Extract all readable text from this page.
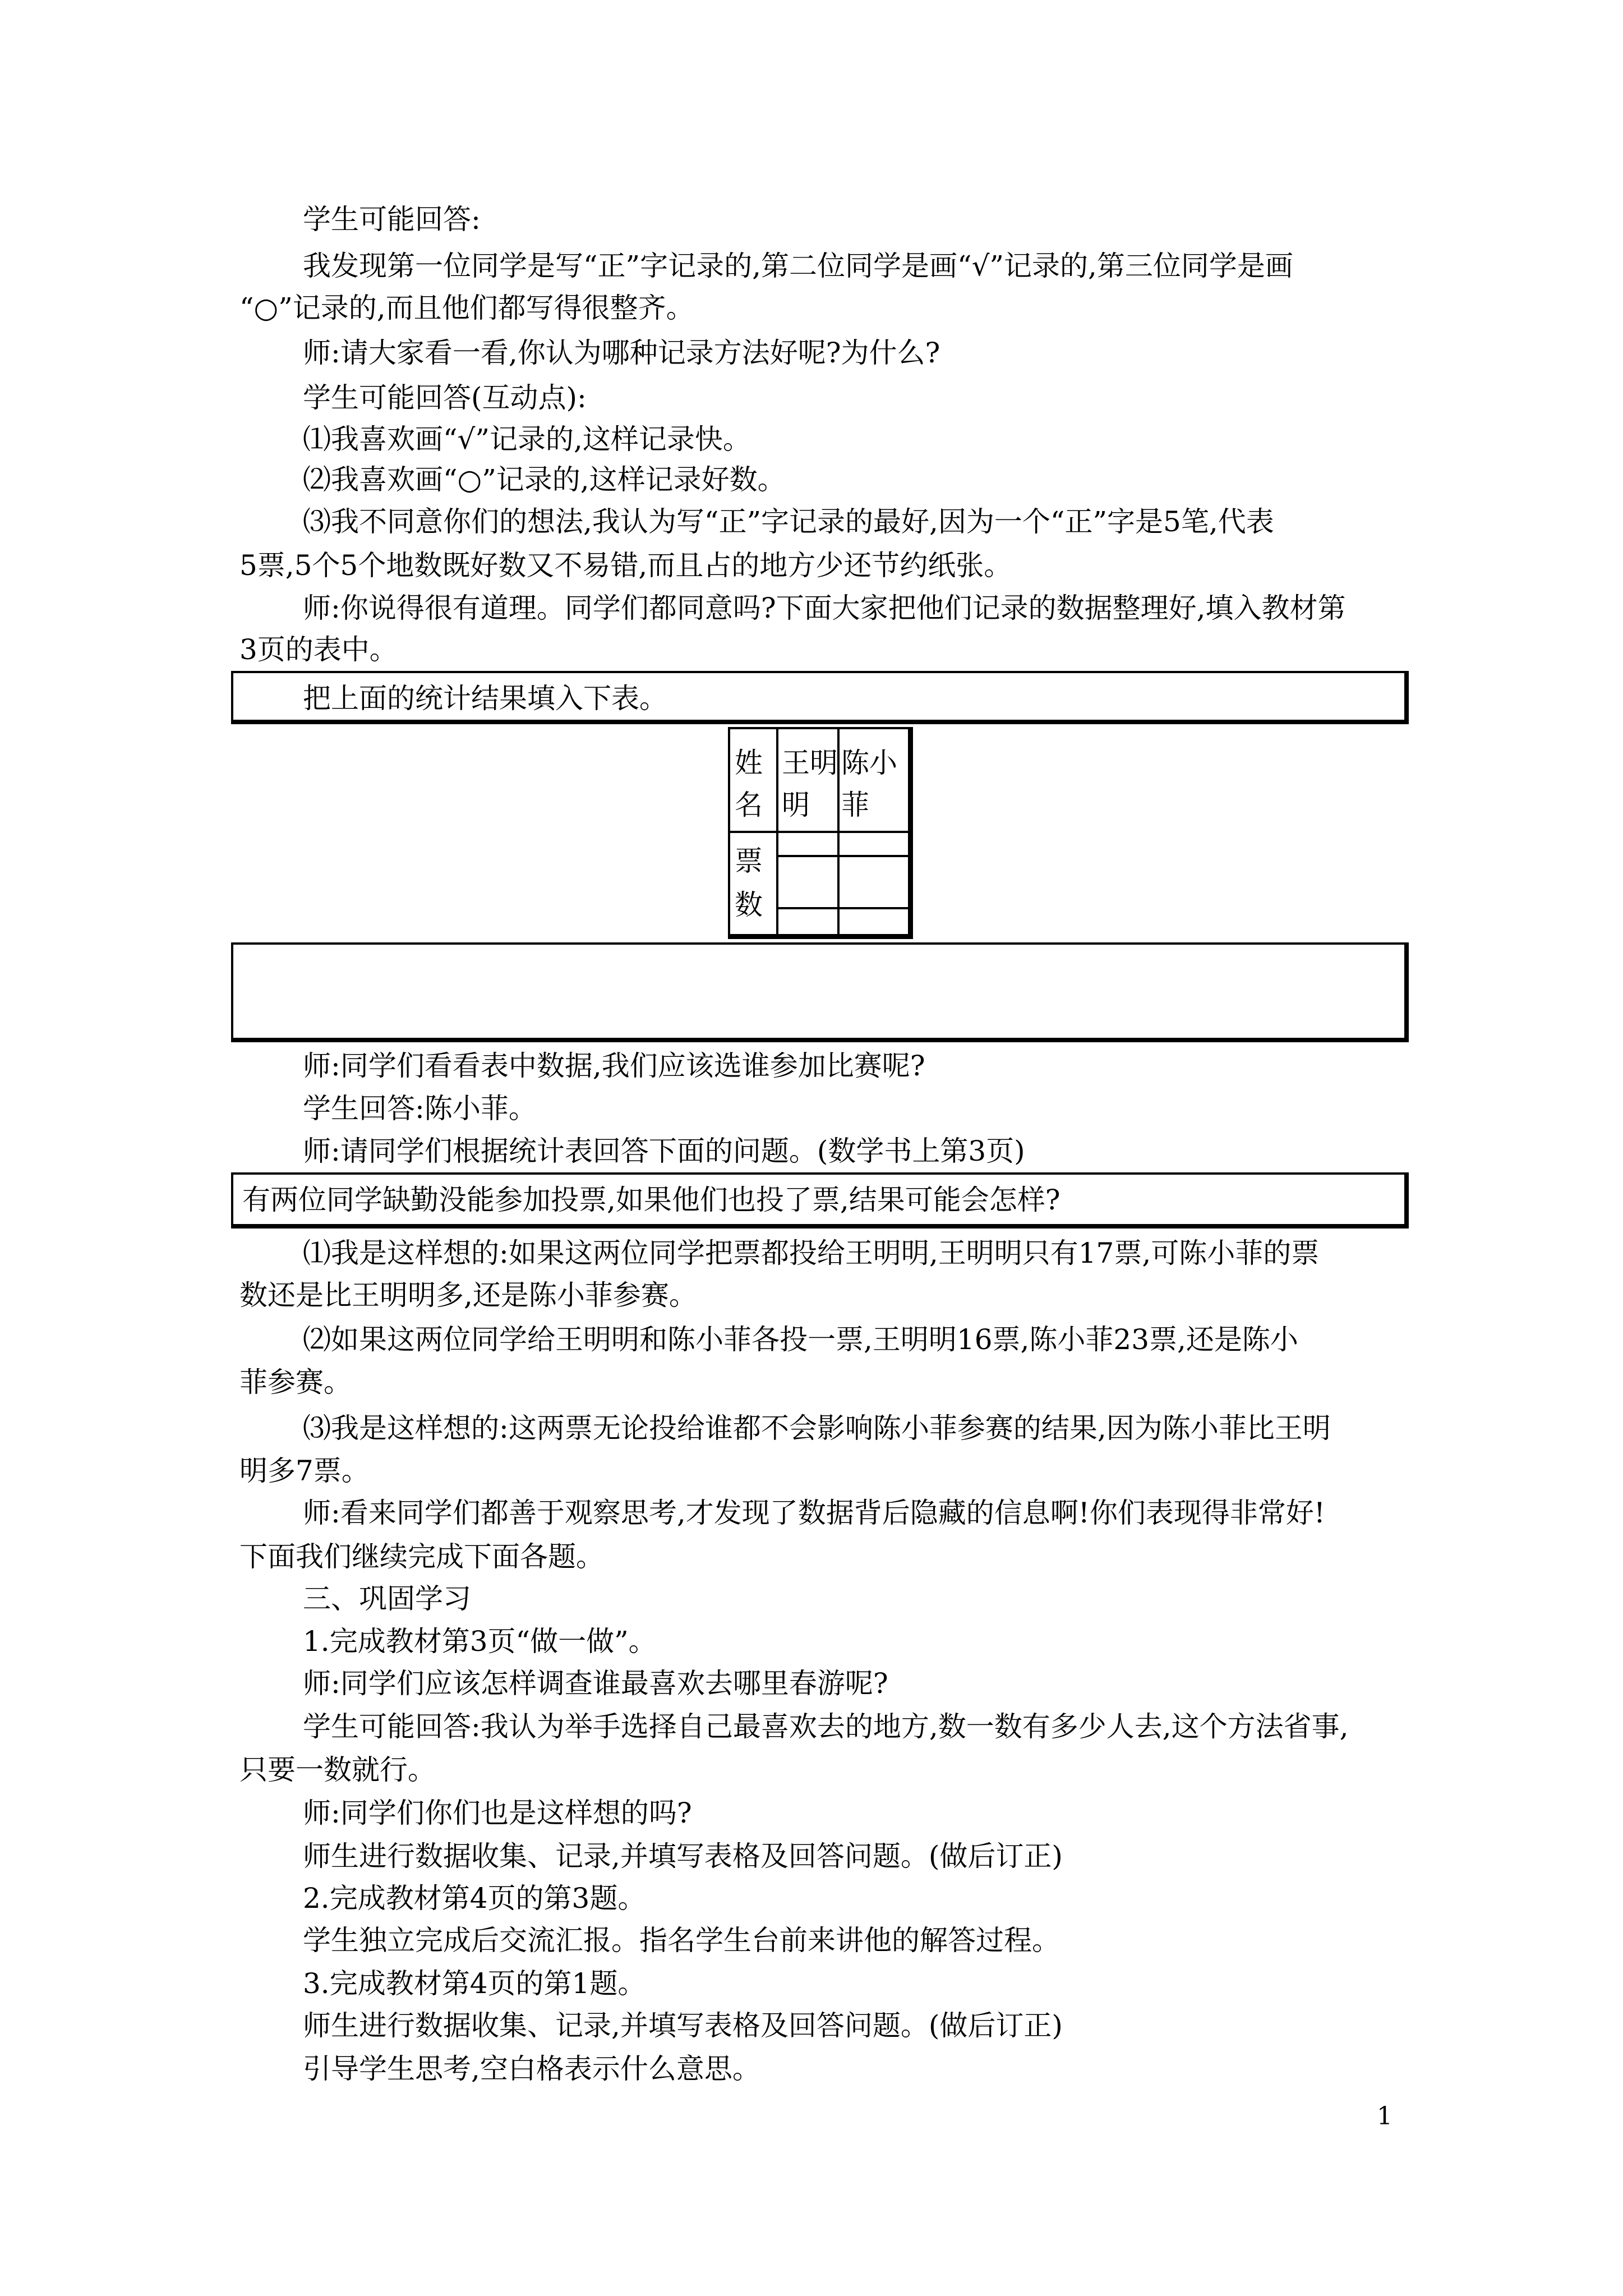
学生可能回答:
我发现第一位同学是写“正”字记录的,第二位同学是画“√”记录的,第三位同学是画
“○”记录的,而且他们都写得很整齐。
师:请大家看一看,你认为哪种记录方法好呢?为什么?
学生可能回答(互动点):
⑴我喜欢画“√”记录的,这样记录快。
⑵我喜欢画“○”记录的,这样记录好数。
⑶我不同意你们的想法,我认为写“正”字记录的最好,因为一个“正”字是5笔,代表
5票,5个5个地数既好数又不易错,而且占的地方少还节约纸张。
师:你说得很有道理。同学们都同意吗?下面大家把他们记录的数据整理好,填入教材第
3页的表中。
把上面的统计结果填入下表。
姓
名
王明
明
陈小
菲
票
数
师:同学们看看表中数据,我们应该选谁参加比赛呢?
学生回答:陈小菲。
师:请同学们根据统计表回答下面的问题。(数学书上第3页)
有两位同学缺勤没能参加投票,如果他们也投了票,结果可能会怎样?
⑴我是这样想的:如果这两位同学把票都投给王明明,王明明只有17票,可陈小菲的票
数还是比王明明多,还是陈小菲参赛。
⑵如果这两位同学给王明明和陈小菲各投一票,王明明16票,陈小菲23票,还是陈小
菲参赛。
⑶我是这样想的:这两票无论投给谁都不会影响陈小菲参赛的结果,因为陈小菲比王明
明多7票。
师:看来同学们都善于观察思考,才发现了数据背后隐藏的信息啊!你们表现得非常好!
下面我们继续完成下面各题。
三、巩固学习
1.完成教材第3页“做一做”。
师:同学们应该怎样调查谁最喜欢去哪里春游呢?
学生可能回答:我认为举手选择自己最喜欢去的地方,数一数有多少人去,这个方法省事,
只要一数就行。
师:同学们你们也是这样想的吗?
师生进行数据收集、记录,并填写表格及回答问题。(做后订正)
2.完成教材第4页的第3题。
学生独立完成后交流汇报。指名学生台前来讲他的解答过程。
3.完成教材第4页的第1题。
师生进行数据收集、记录,并填写表格及回答问题。(做后订正)
引导学生思考,空白格表示什么意思。
1
